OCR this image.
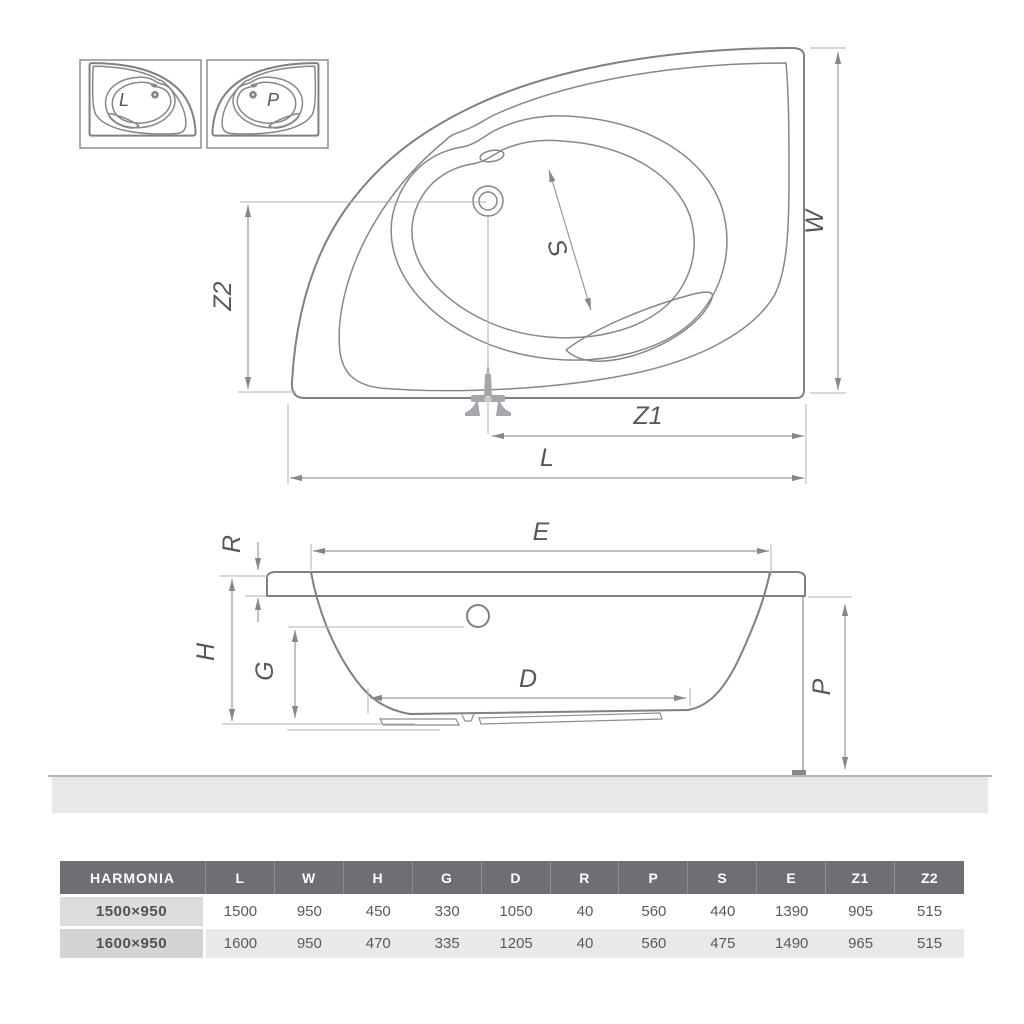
L	P
Z2
W
S
Z1
L
E
R
H
G	D	P
HARMONIA	L	W	H	G	D	R	P	S	E	Z1	Z2
1500×950	1500	950	450	330	1050	40	560	440	1390	905	515
1600×950	1600	950	470	335	1205	40	560	475	1490	965	515
